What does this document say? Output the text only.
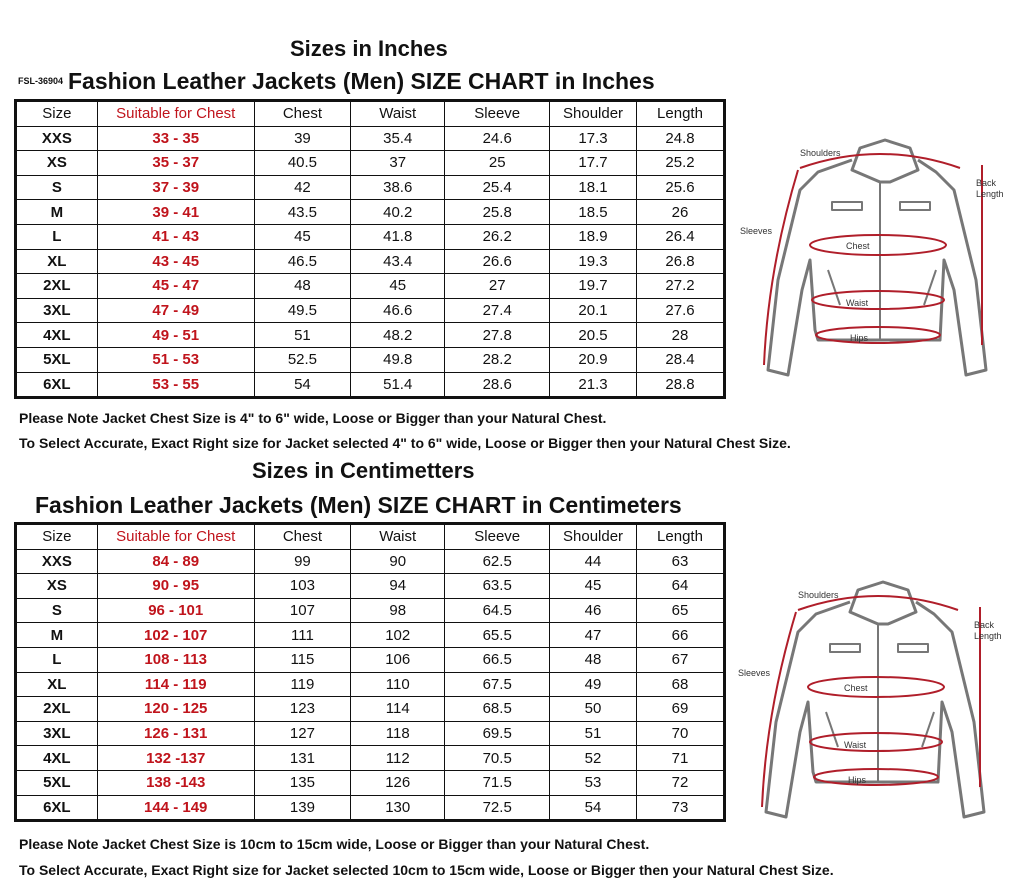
Sizes in Inches
FSL-36904 Fashion Leather Jackets (Men) SIZE CHART in Inches
Size	Suitable for Chest	Chest	Waist	Sleeve	Shoulder	Length
XXS	33 - 35	39	35.4	24.6	17.3	24.8
XS	35 - 37	40.5	37	25	17.7	25.2
S	37 - 39	42	38.6	25.4	18.1	25.6
M	39 - 41	43.5	40.2	25.8	18.5	26
L	41 - 43	45	41.8	26.2	18.9	26.4
XL	43 - 45	46.5	43.4	26.6	19.3	26.8
2XL	45 - 47	48	45	27	19.7	27.2
3XL	47 - 49	49.5	46.6	27.4	20.1	27.6
4XL	49 - 51	51	48.2	27.8	20.5	28
5XL	51 - 53	52.5	49.8	28.2	20.9	28.4
6XL	53 - 55	54	51.4	28.6	21.3	28.8
Please Note Jacket Chest Size is 4" to 6" wide, Loose or Bigger than your Natural Chest.
To Select Accurate, Exact Right size for Jacket selected 4" to 6" wide, Loose or Bigger then your Natural Chest Size.
Sizes in Centimetters
Fashion Leather Jackets (Men) SIZE CHART in Centimeters
Size	Suitable for Chest	Chest	Waist	Sleeve	Shoulder	Length
XXS	84 - 89	99	90	62.5	44	63
XS	90 - 95	103	94	63.5	45	64
S	96 - 101	107	98	64.5	46	65
M	102 - 107	111	102	65.5	47	66
L	108 - 113	115	106	66.5	48	67
XL	114 - 119	119	110	67.5	49	68
2XL	120 - 125	123	114	68.5	50	69
3XL	126 - 131	127	118	69.5	51	70
4XL	132 -137	131	112	70.5	52	71
5XL	138 -143	135	126	71.5	53	72
6XL	144 - 149	139	130	72.5	54	73
Please Note Jacket Chest Size is 10cm to 15cm wide, Loose or Bigger than your Natural Chest.
To Select Accurate, Exact Right size for Jacket selected 10cm to 15cm wide, Loose or Bigger then your Natural Chest Size.
Shoulders
Back
Length
Sleeves
Chest
Waist
Hips
Shoulders
Back
Length
Sleeves
Chest
Waist
Hips
